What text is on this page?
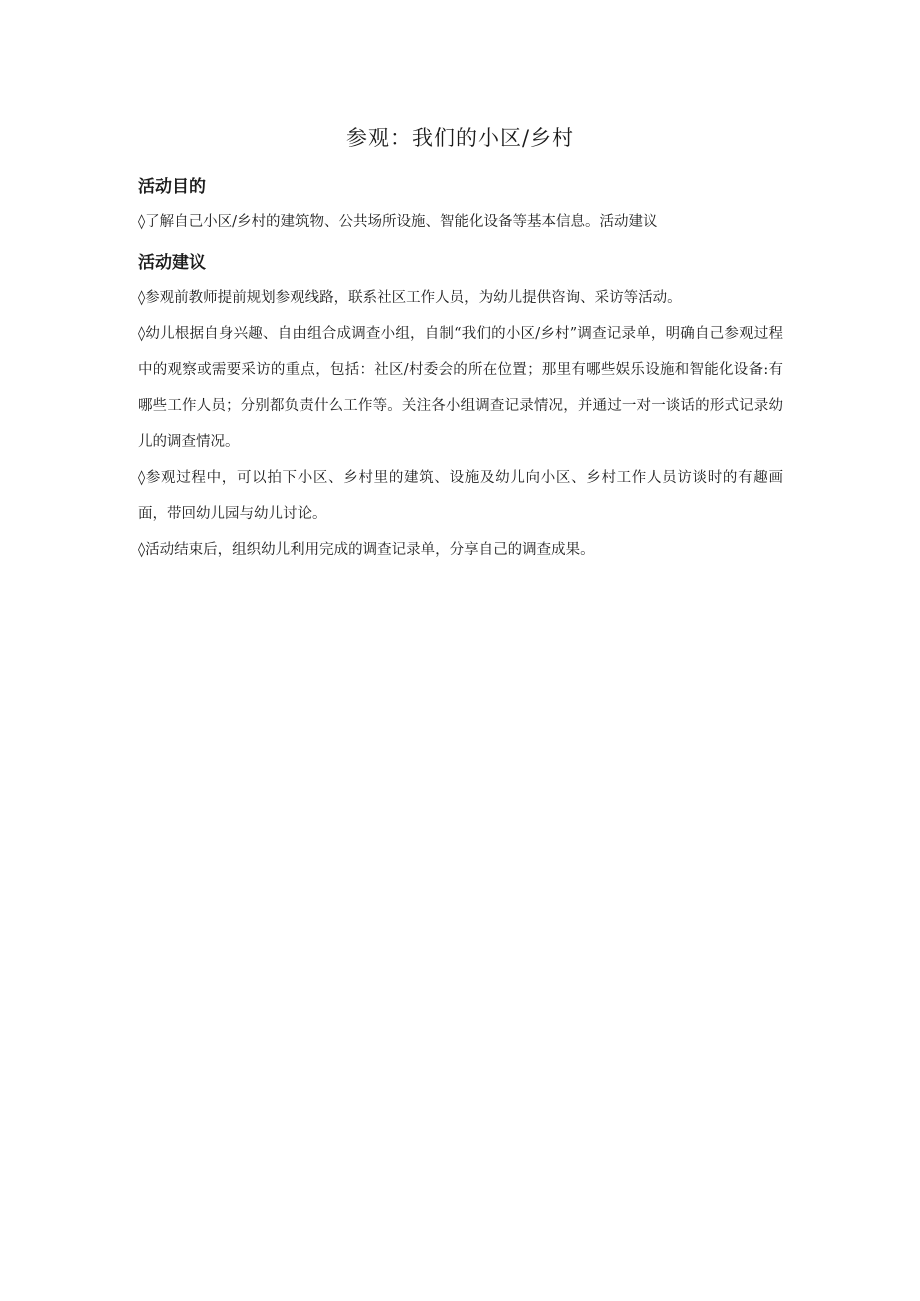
参观：我们的小区/乡村
活动目的

◊了解自己小区/乡村的建筑物、公共场所设施、智能化设备等基本信息。活动建议

活动建议

◊参观前教师提前规划参观线路，联系社区工作人员，为幼儿提供咨询、采访等活动。

◊幼儿根据自身兴趣、自由组合成调查小组，自制“我们的小区/乡村”调查记录单，明确自己参观过程中的观察或需要采访的重点，包括：社区/村委会的所在位置；那里有哪些娱乐设施和智能化设备:有哪些工作人员；分别都负责什么工作等。关注各小组调查记录情况，并通过一对一谈话的形式记录幼儿的调查情况。

◊参观过程中，可以拍下小区、乡村里的建筑、设施及幼儿向小区、乡村工作人员访谈时的有趣画面，带回幼儿园与幼儿讨论。

◊活动结束后，组织幼儿利用完成的调查记录单，分享自己的调查成果。
